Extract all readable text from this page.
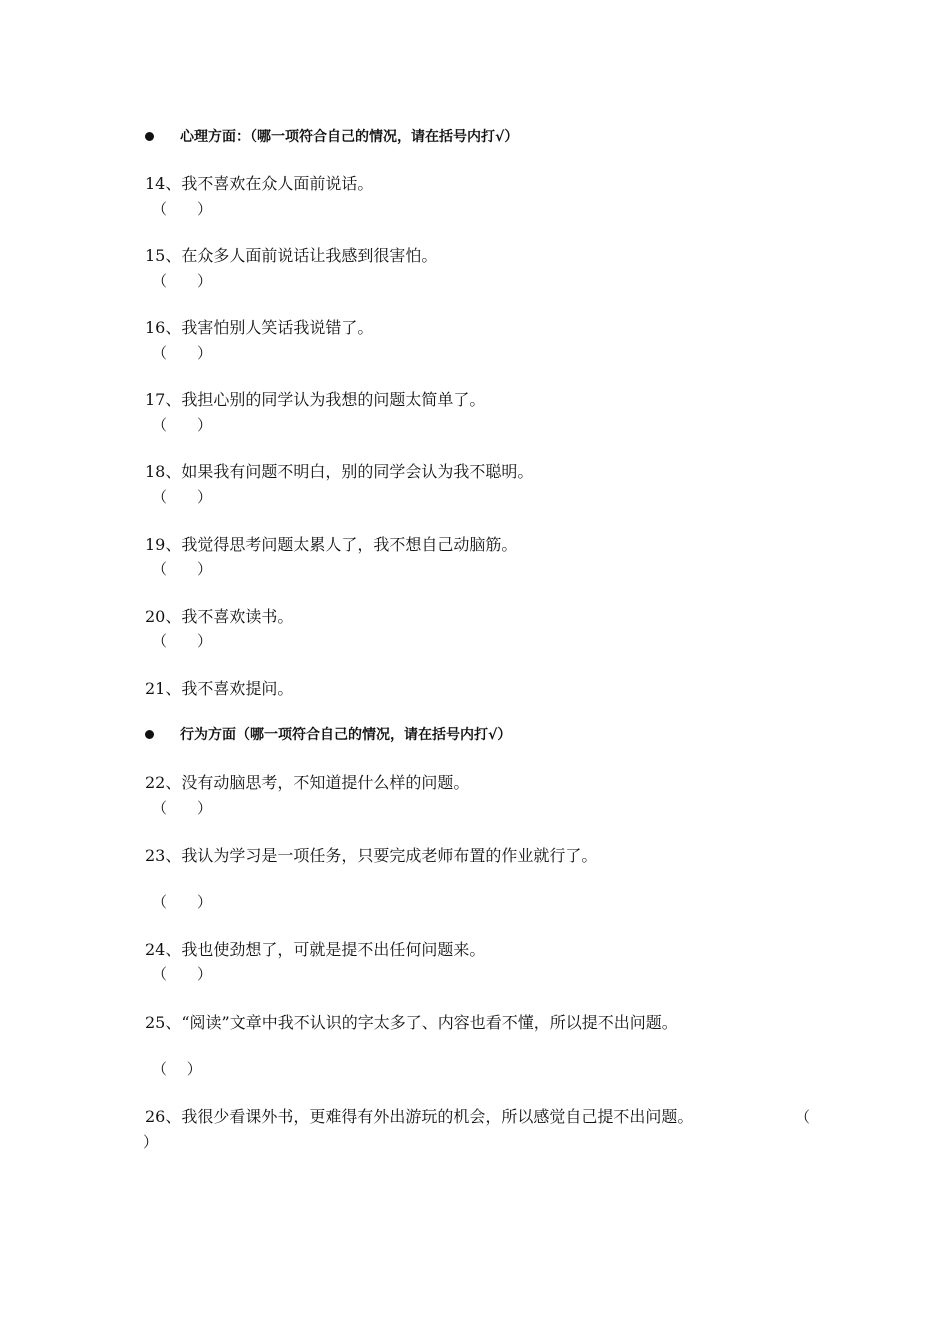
心理方面：（哪一项符合自己的情况，请在括号内打√）
14、我不喜欢在众人面前说话。
（　　）
15、在众多人面前说话让我感到很害怕。
（　　）
16、我害怕别人笑话我说错了。
（　　）
17、我担心别的同学认为我想的问题太简单了。
（　　）
18、如果我有问题不明白，别的同学会认为我不聪明。
（　　）
19、我觉得思考问题太累人了，我不想自己动脑筋。
（　　）
20、我不喜欢读书。
（　　）
21、我不喜欢提问。
行为方面（哪一项符合自己的情况，请在括号内打√）
22、没有动脑思考，不知道提什么样的问题。
（　　）
23、我认为学习是一项任务，只要完成老师布置的作业就行了。
（　　）
24、我也使劲想了，可就是提不出任何问题来。
（　　）
25、“阅读”文章中我不认识的字太多了、内容也看不懂，所以提不出问题。
（　 ）
26、我很少看课外书，更难得有外出游玩的机会，所以感觉自己提不出问题。	（
）
